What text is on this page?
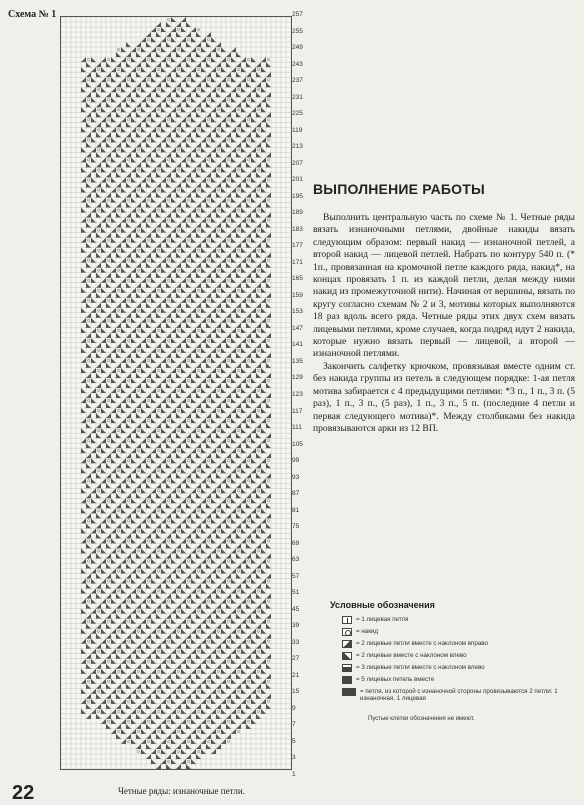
Схема № 1	257
255
249
243
237
231
225
119
213
207
201
195
189
183
177
171
165
159
153
147
141
135
129
123
117
111
105
99
93
87
81
75
69
63
57
51
45
39
33
27
21
15
9
7
5
3
1
22	Четные ряды: изнаночные петли.
ВЫПОЛНЕНИЕ РАБОТЫ

Выполнить центральную часть по схеме № 1. Четные ряды вязать изнаночными петлями, двойные накиды вязать следующим образом: первый накид — изнаночной петлей, а второй накид — лицевой петлей. Набрать по контуру 540 п. (* 1п., провязанная на кромочной петле каждого ряда, накид*, на концах провязать 1 п. из каждой петли, делая между ними накид из промежуточной нити). Начиная от вершины, вязать по кругу согласно схемам № 2 и 3, мотивы которых выполняются 18 раз вдоль всего ряда. Четные ряды этих двух схем вязать лицевыми петлями, кроме случаев, когда подряд идут 2 накида, которые нужно вязать первый — лицевой, а второй — изнаночной петлями.

Закончить салфетку крючком, провязывая вместе одним ст. без накида группы из петель в следующем порядке: 1-ая петля мотива забирается с 4 предыдущими петлями: *3 п., 1 п., 3 п. (5 раз), 1 п., 3 п., (5 раз), 1 п., 3 п., 5 п. (последние 4 петли и первая следующего мотива)*. Между столбиками без накида провязываются арки из 12 ВП.

Условные обозначения
= 1 лицевая петля
= накид
= 2 лицевые петли вместе с наклоном вправо
= 2 лицевые вместе с наклоном влево
= 3 лицевые петли вместе с наклоном влево
= 5 лицевых петель вместе
= петля, из которой с изнаночной стороны провязываются 2 петли: 1 изнаночная, 1 лицевая
Пустые клетки обозначения не имеют.
